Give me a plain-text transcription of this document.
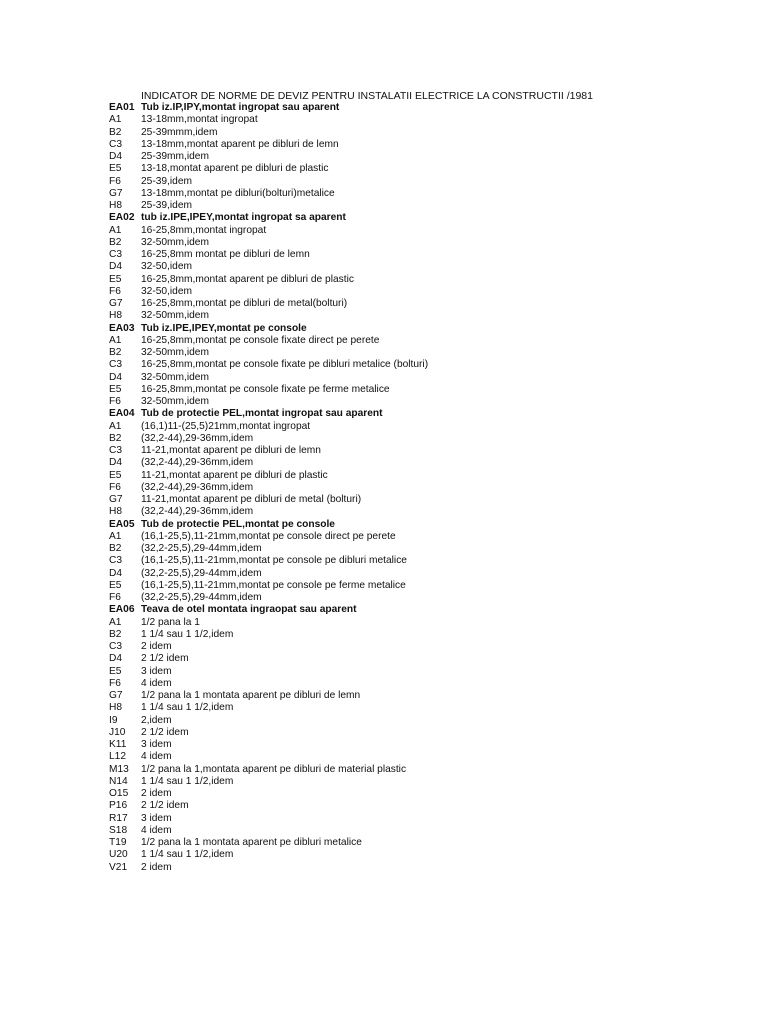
INDICATOR DE NORME DE DEVIZ PENTRU INSTALATII ELECTRICE LA CONSTRUCTII /1981
EA01 Tub iz.IP,IPY,montat ingropat sau aparent
A1	13-18mm,montat ingropat
B2	25-39mmm,idem
C3	13-18mm,montat aparent pe dibluri de lemn
D4	25-39mm,idem
E5	13-18,montat aparent pe dibluri de plastic
F6	25-39,idem
G7	13-18mm,montat pe dibluri(bolturi)metalice
H8	25-39,idem
EA02 tub iz.IPE,IPEY,montat ingropat sa aparent
A1	16-25,8mm,montat ingropat
B2	32-50mm,idem
C3	16-25,8mm montat pe dibluri de lemn
D4	32-50,idem
E5	16-25,8mm,montat aparent pe dibluri de plastic
F6	32-50,idem
G7	16-25,8mm,montat pe dibluri de metal(bolturi)
H8	32-50mm,idem
EA03 Tub iz.IPE,IPEY,montat pe console
A1	16-25,8mm,montat pe console fixate direct pe perete
B2	32-50mm,idem
C3	16-25,8mm,montat pe console fixate pe dibluri metalice (bolturi)
D4	32-50mm,idem
E5	16-25,8mm,montat pe console fixate pe ferme metalice
F6	32-50mm,idem
EA04 Tub de protectie PEL,montat ingropat sau aparent
A1	(16,1)11-(25,5)21mm,montat ingropat
B2	(32,2-44),29-36mm,idem
C3	11-21,montat aparent pe dibluri de lemn
D4	(32,2-44),29-36mm,idem
E5	11-21,montat aparent pe dibluri de plastic
F6	(32,2-44),29-36mm,idem
G7	11-21,montat aparent pe dibluri de metal (bolturi)
H8	(32,2-44),29-36mm,idem
EA05 Tub de protectie PEL,montat pe console
A1	(16,1-25,5),11-21mm,montat pe console direct pe perete
B2	(32,2-25,5),29-44mm,idem
C3	(16,1-25,5),11-21mm,montat pe console pe dibluri metalice
D4	(32,2-25,5),29-44mm,idem
E5	(16,1-25,5),11-21mm,montat pe console pe ferme metalice
F6	(32,2-25,5),29-44mm,idem
EA06 Teava de otel montata ingraopat sau aparent
A1	1/2 pana la 1
B2	1 1/4 sau 1 1/2,idem
C3	2 idem
D4	2 1/2 idem
E5	3 idem
F6	4 idem
G7	1/2 pana la 1 montata aparent pe dibluri de lemn
H8	1 1/4 sau 1 1/2,idem
I9	2,idem
J10	2 1/2 idem
K11	3 idem
L12	4 idem
M13	1/2 pana la 1,montata aparent pe dibluri de material plastic
N14	1 1/4 sau 1 1/2,idem
O15	2 idem
P16	2 1/2 idem
R17	3 idem
S18	4 idem
T19	1/2 pana la 1 montata aparent pe dibluri metalice
U20	1 1/4 sau 1 1/2,idem
V21	2 idem
